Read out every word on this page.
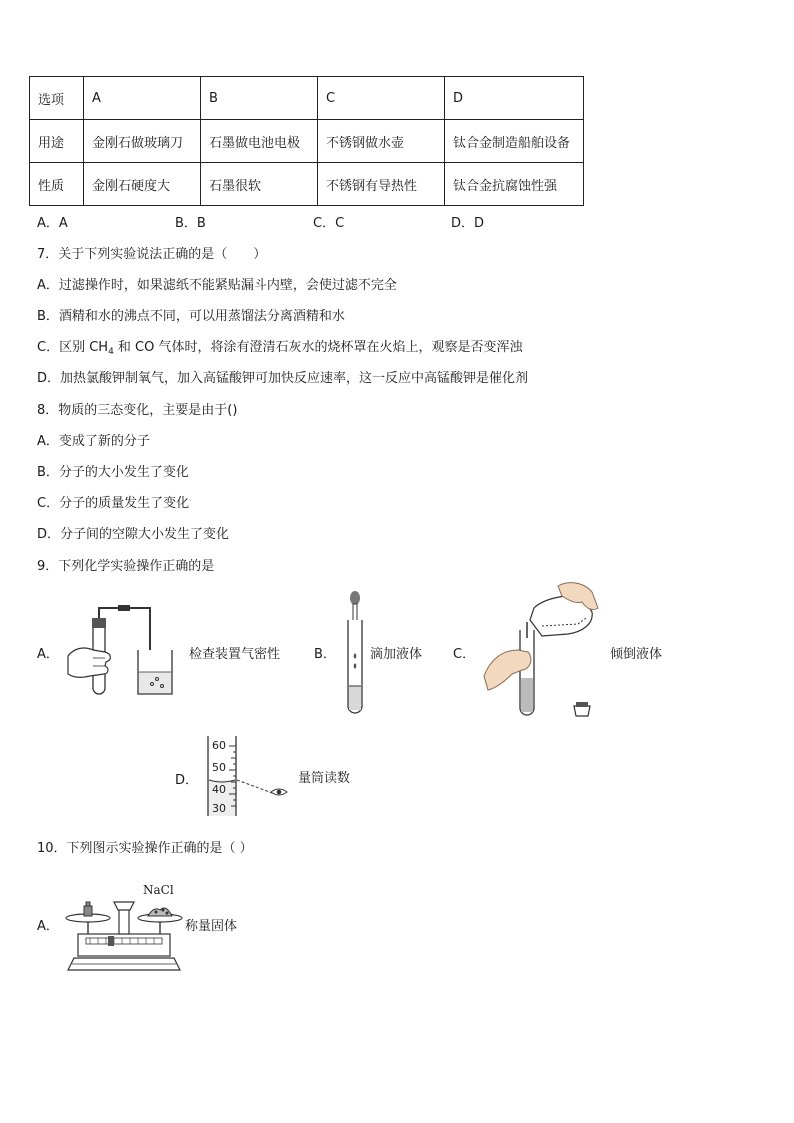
选项	A	B	C	D
用途	金刚石做玻璃刀	石墨做电池电极	不锈钢做水壶	钛合金制造船舶设备
性质	金刚石硬度大	石墨很软	不锈钢有导热性	钛合金抗腐蚀性强
A．A	B．B	C．C	D．D
7．关于下列实验说法正确的是（　　）
A．过滤操作时，如果滤纸不能紧贴漏斗内壁，会使过滤不完全
B．酒精和水的沸点不同，可以用蒸馏法分离酒精和水
C．区别 $CH_4$ 和 CO 气体时，将涂有澄清石灰水的烧杯罩在火焰上，观察是否变浑浊
D．加热氯酸钾制氧气，加入高锰酸钾可加快反应速率，这一反应中高锰酸钾是催化剂
8．物质的三态变化，主要是由于()
A．变成了新的分子
B．分子的大小发生了变化
C．分子的质量发生了变化
D．分子间的空隙大小发生了变化
9．下列化学实验操作正确的是
A．	检查装置气密性	B．	滴加液体 C．	倾倒液体
D．
60
50
40
30
量筒读数
10．下列图示实验操作正确的是（ ）
A．
NaCl
称量固体
